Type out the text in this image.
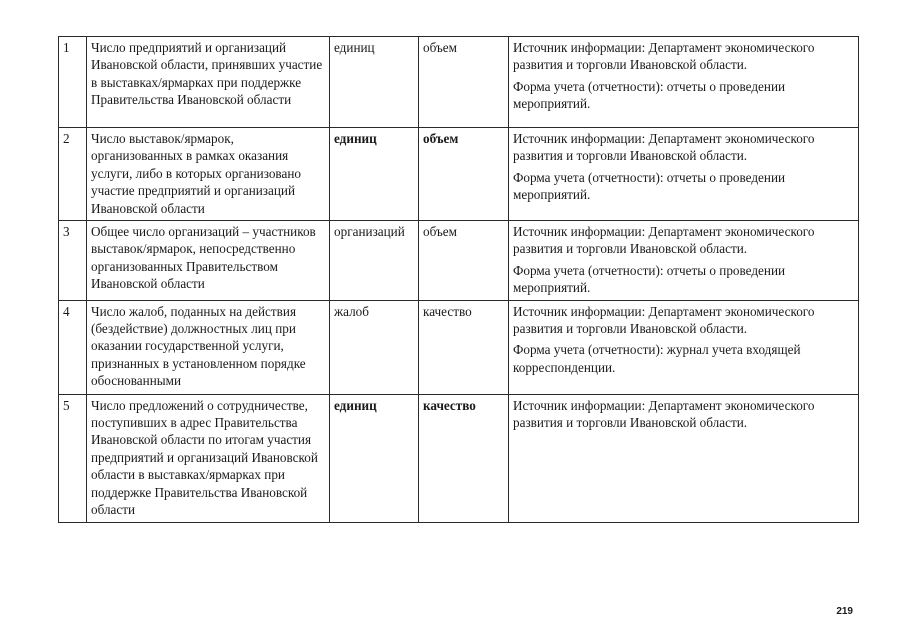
1	Число предприятий и организаций Ивановской области, принявших участие в выставках/ярмарках при поддержке Правительства Ивановской области	единиц	объем	Источник информации: Департамент экономического развития и торговли Ивановской области.

Форма учета (отчетности): отчеты о проведении мероприятий.

2	Число выставок/ярмарок, организованных в рамках оказания услуги, либо в которых организовано участие предприятий и организаций Ивановской области	единиц	объем	Источник информации: Департамент экономического развития и торговли Ивановской области.

Форма учета (отчетности): отчеты о проведении мероприятий.

3	Общее число организаций – участников выставок/ярмарок, непосредственно организованных Правительством Ивановской области	организаций	объем	Источник информации: Департамент экономического развития и торговли Ивановской области.

Форма учета (отчетности): отчеты о проведении мероприятий.

4	Число жалоб, поданных на действия (бездействие) должностных лиц при оказании государственной услуги, признанных в установленном порядке обоснованными	жалоб	качество	Источник информации: Департамент экономического развития и торговли Ивановской области.

Форма учета (отчетности): журнал учета входящей корреспонденции.

5	Число предложений о сотрудничестве, поступивших в адрес Правительства Ивановской области по итогам участия предприятий и организаций Ивановской области в выставках/ярмарках при поддержке Правительства Ивановской области	единиц	качество	Источник информации: Департамент экономического развития и торговли Ивановской области.

219
